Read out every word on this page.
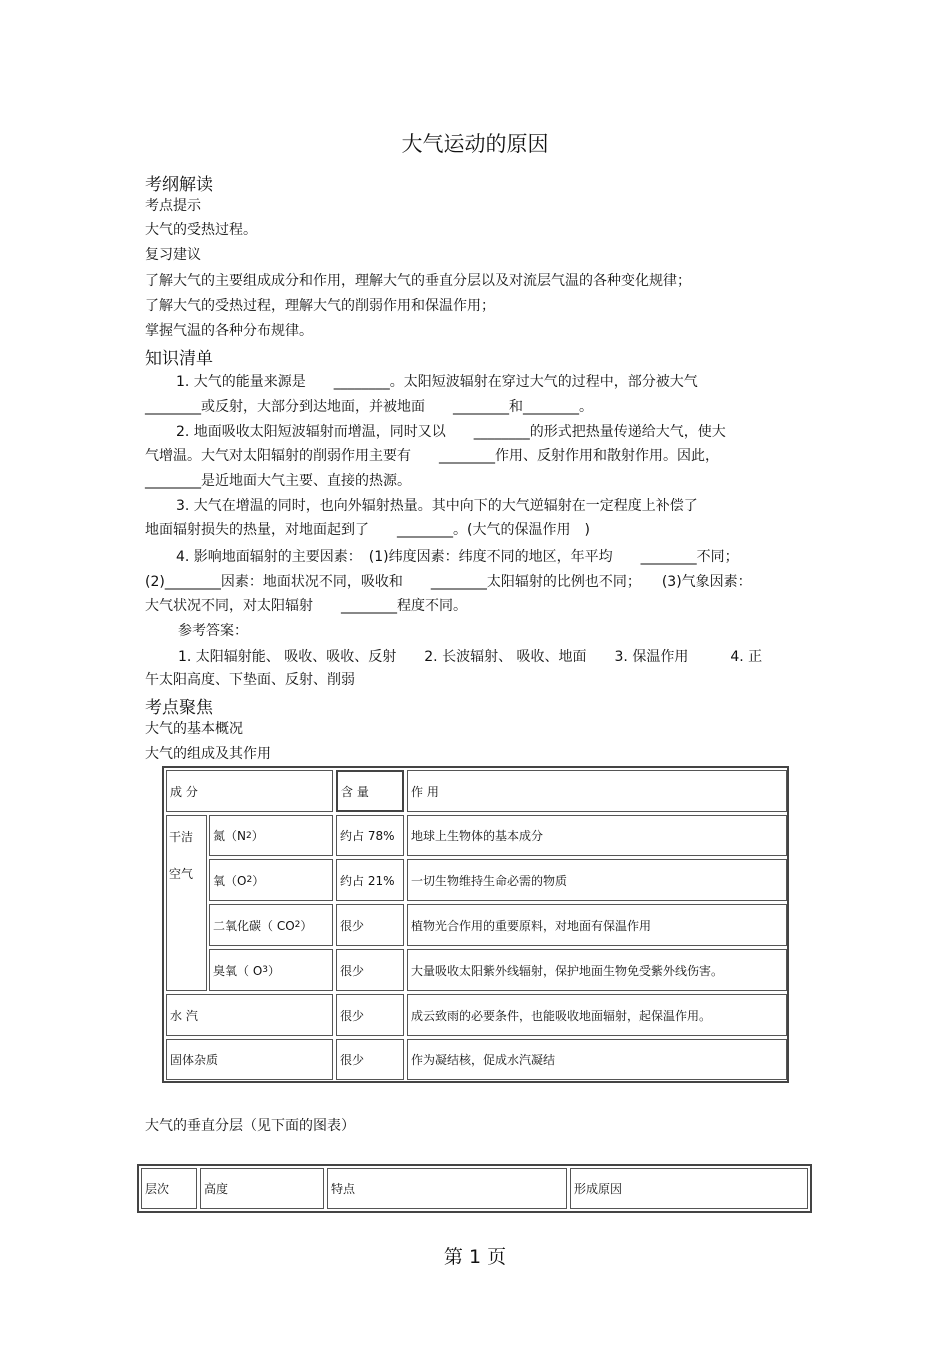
大气运动的原因
考纲解读
考点提示
大气的受热过程。
复习建议
了解大气的主要组成成分和作用，理解大气的垂直分层以及对流层气温的各种变化规律；
了解大气的受热过程，理解大气的削弱作用和保温作用；
掌握气温的各种分布规律。
知识清单
1. 大气的能量来源是　　________。太阳短波辐射在穿过大气的过程中，部分被大气
________或反射，大部分到达地面，并被地面　　________和________。
2. 地面吸收太阳短波辐射而增温，同时又以　　________的形式把热量传递给大气，使大
气增温。大气对太阳辐射的削弱作用主要有　　________作用、反射作用和散射作用。因此，
________是近地面大气主要、直接的热源。
3. 大气在增温的同时，也向外辐射热量。其中向下的大气逆辐射在一定程度上补偿了
地面辐射损失的热量，对地面起到了　　________。(大气的保温作用　)
4. 影响地面辐射的主要因素：　(1)纬度因素：纬度不同的地区，年平均　　________不同；
(2)________因素：地面状况不同，吸收和　　________太阳辐射的比例也不同；　　(3)气象因素：
大气状况不同，对太阳辐射　　________程度不同。
参考答案：
1. 太阳辐射能、 吸收、吸收、反射　　2. 长波辐射、 吸收、地面　　3. 保温作用　　　4. 正
午太阳高度、下垫面、反射、削弱
考点聚焦
大气的基本概况
大气的组成及其作用
成 分	含 量	作 用
干洁
空气
氮（N 2 ）	约占 78%	地球上生物体的基本成分
氧（O 2 ）	约占 21%	一切生物维持生命必需的物质
二氧化碳（ CO 2 ）	很少	植物光合作用的重要原料，对地面有保温作用
臭氧（ O 3 ）	很少	大量吸收太阳紫外线辐射，保护地面生物免受紫外线伤害。
水 汽	很少	成云致雨的必要条件，也能吸收地面辐射，起保温作用。
固体杂质	很少	作为凝结核，促成水汽凝结
大气的垂直分层（见下面的图表）
层次	高度	特点	形成原因
第 1 页
